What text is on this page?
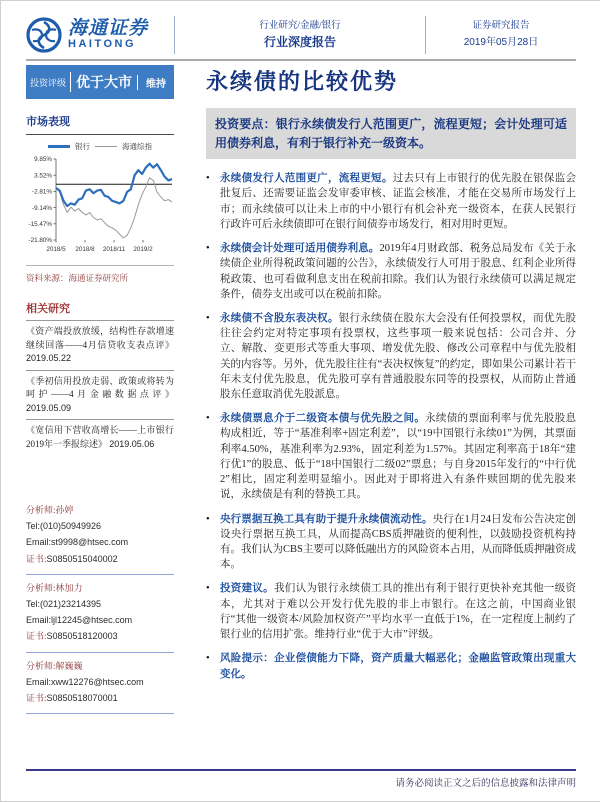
海通证券
HAITONG
行业研究/金融/银行
行业深度报告
证券研究报告
2019年05月28日
投资评级 优于大市	维持
市场表现
银行	海通综指
9.85%
3.52%
-2.81%
-9.14%
-15.47%
-21.80%
2018/5 2018/8 2018/11 2019/2
资料来源：海通证券研究所
相关研究
《资产端投放放缓，结构性存款增速继续回落——4月信贷收支表点评》 2019.05.22
《季初信用投放走弱、政策或将转为呵护——4月金融数据点评》 2019.05.09
《宽信用下营收高增长——上市银行2019年一季报综述》 2019.05.06
分析师:孙婷
Tel:(010)50949926
Email:st9998@htsec.com
证书:S0850515040002
分析师:林加力
Tel:(021)23214395
Email:ljl12245@htsec.com
证书:S0850518120003
分析师:解巍巍
Email:xww12276@htsec.com
证书:S0850518070001
永续债的比较优势
投资要点：银行永续债发行人范围更广，流程更短；会计处理可适用债券利息，有利于银行补充一级资本。
• 永续债发行人范围更广，流程更短。过去只有上市银行的优先股在银保监会批复后、还需要证监会发审委审核、证监会核准，才能在交易所市场发行上市；而永续债可以让未上市的中小银行有机会补充一级资本，在获人民银行行政许可后永续债即可在银行间债券市场发行，相对用时更短。
• 永续债会计处理可适用债券利息。2019年4月财政部、税务总局发布《关于永续债企业所得税政策问题的公告》，永续债发行人可用于股息、红利企业所得税政策、也可看做利息支出在税前扣除。我们认为银行永续债可以满足规定条件，债券支出或可以在税前扣除。
• 永续债不含股东表决权。银行永续债在股东大会没有任何投票权，而优先股往往会约定对特定事项有投票权，这些事项一般来说包括：公司合并、分立、解散、变更形式等重大事项、增发优先股、修改公司章程中与优先股相关的内容等。另外，优先股往往有“表决权恢复”的约定，即如果公司累计若干年未支付优先股息，优先股可享有普通股股东同等的投票权，从而防止普通股东任意取消优先股派息。
• 永续债票息介于二级资本债与优先股之间。永续债的票面利率与优先股股息构成相近，等于“基准利率+固定利差”，以“19中国银行永续01”为例，其票面利率4.50%，基准利率为2.93%，固定利差为1.57%。其固定利率高于18年“建行优1”的股息、低于“18中国银行二级02”票息；与自身2015年发行的“中行优2”相比，固定利差明显缩小。因此对于即将进入有条件赎回期的优先股来说，永续债是有利的替换工具。
• 央行票据互换工具有助于提升永续债流动性。央行在1月24日发布公告决定创设央行票据互换工具，从而提高CBS质押融资的便利性，以鼓励投资机构持有。我们认为CBS主要可以降低融出方的风险资本占用，从而降低质押融资成本。
• 投资建议。我们认为银行永续债工具的推出有利于银行更快补充其他一级资本，尤其对于难以公开发行优先股的非上市银行。在这之前，中国商业银行“其他一级资本/风险加权资产”平均水平一直低于1%，在一定程度上制约了银行业的信用扩张。维持行业“优于大市”评级。
• 风险提示：企业偿债能力下降，资产质量大幅恶化；金融监管政策出现重大变化。
请务必阅读正文之后的信息披露和法律声明
